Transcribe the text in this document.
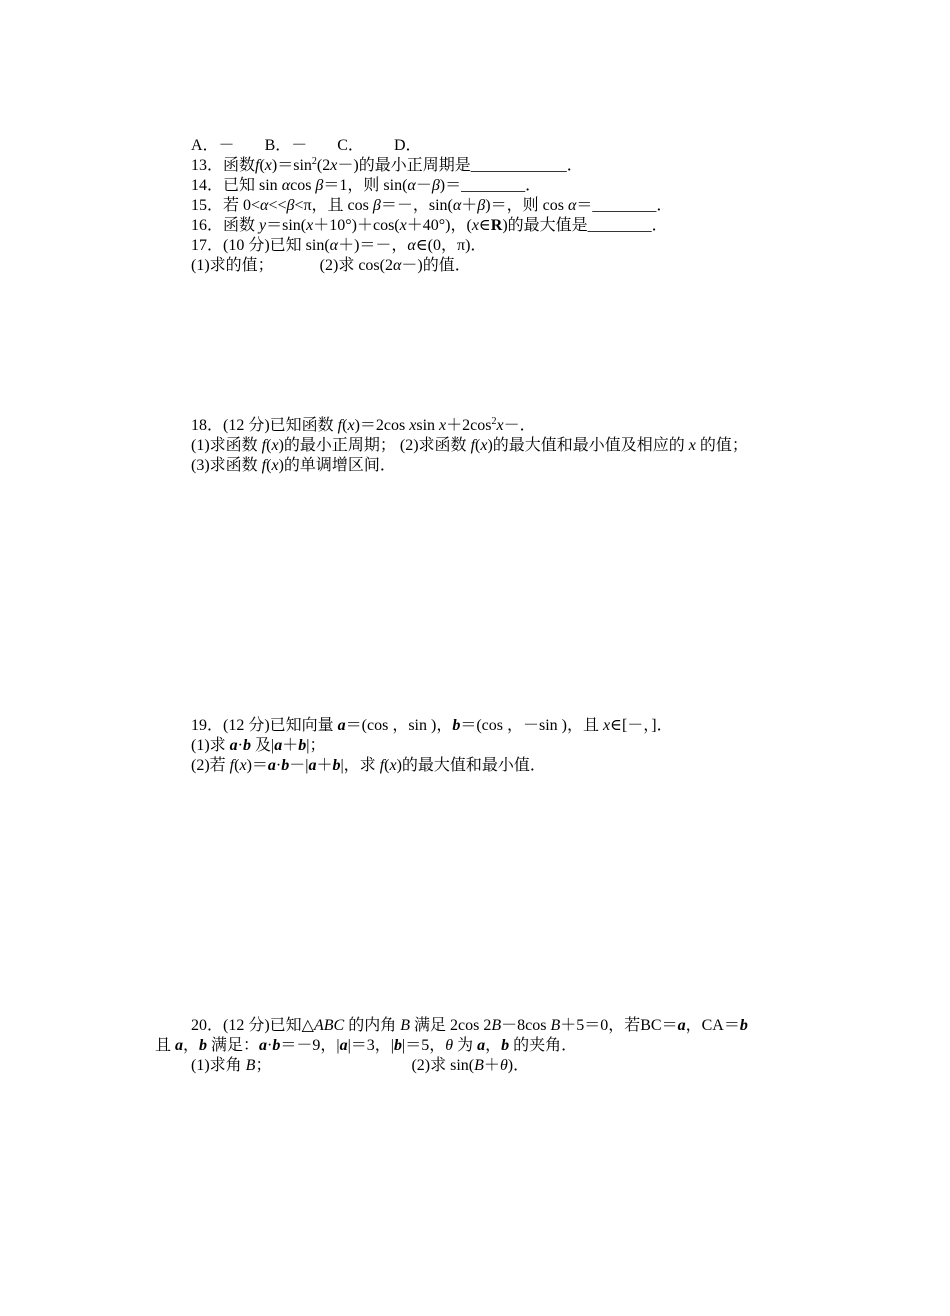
A．－ B．－ C． D．
13．函数$f(x)=\sin^2(2x-)$的最小正周期是____________．
14．已知 sin αcos β＝1，则 sin(α－β)＝________．
15．若 0<α<<β<π，且 cos β＝－，sin(α＋β)＝，则 cos α＝________．
16．函数 y＝sin(x＋10°)＋cos(x＋40°)，(x∈R)的最大值是________．
17．(10 分)已知 sin(α＋)＝－，α∈(0，π)．
(1)求的值；	(2)求 cos(2α－)的值．
18．(12 分)已知函数 f(x)＝2cos xsin $x+2\cos^2x-$．
(1)求函数 f(x)的最小正周期； (2)求函数 f(x)的最大值和最小值及相应的 x 的值；
(3)求函数 f(x)的单调增区间．
19．(12 分)已知向量 a＝(cos ，sin )，b＝(cos ，－sin )，且 x∈[－，]．
(1)求 a·b 及|a＋b|；
(2)若 f(x)＝a·b－|a＋b|，求 f(x)的最大值和最小值．
20．(12 分)已知△ABC 的内角 B 满足 2cos 2B－8cos B＋5＝0，若BC＝a，CA＝b
且 a，b 满足：a·b＝－9，|a|＝3，|b|＝5，θ 为 a，b 的夹角．
(1)求角 B；	(2)求 sin(B＋θ)．
